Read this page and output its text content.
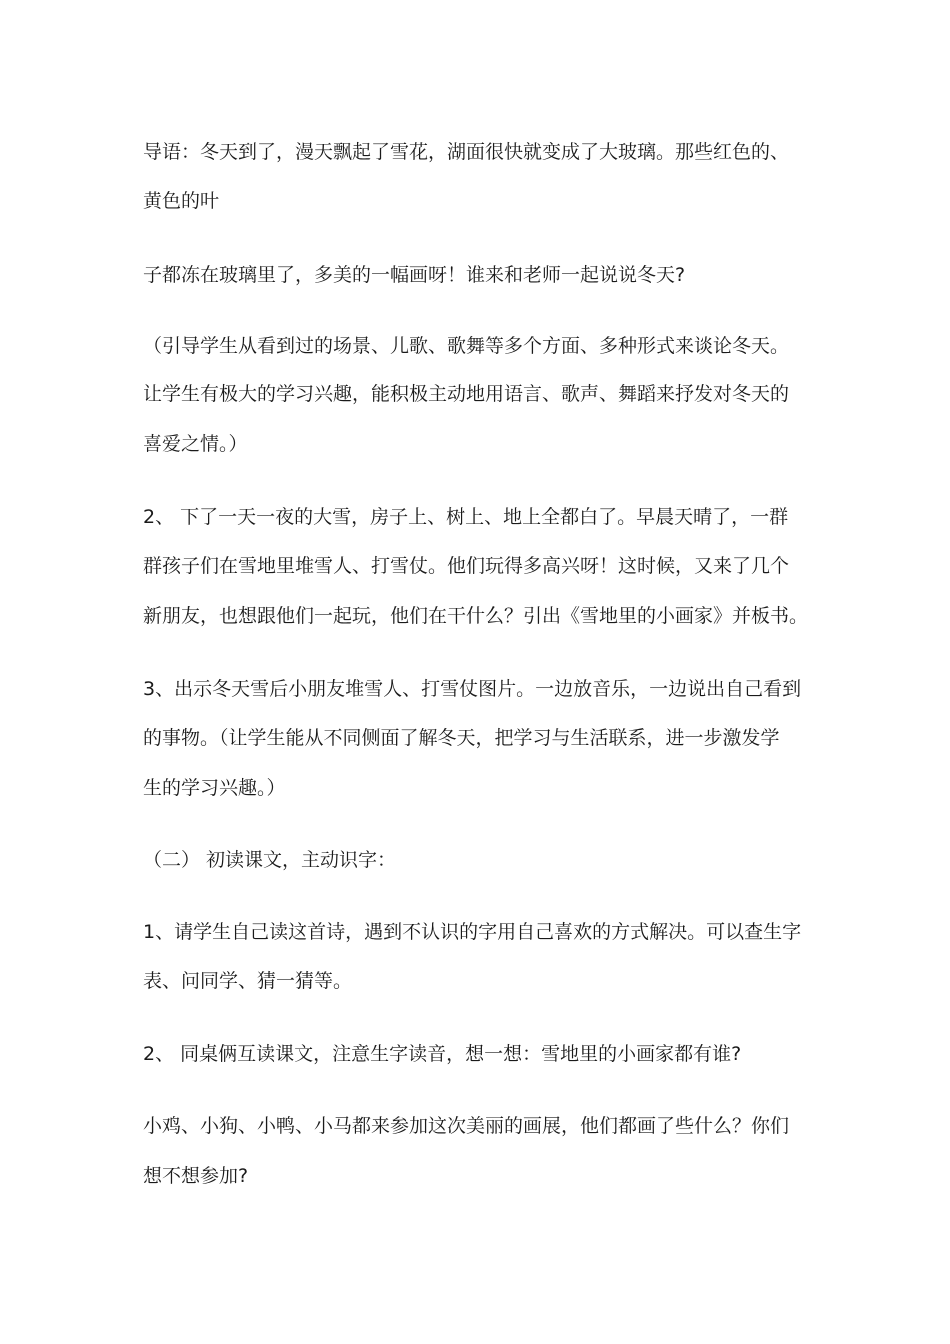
导语：冬天到了，漫天飘起了雪花，湖面很快就变成了大玻璃。那些红色的、
黄色的叶
子都冻在玻璃里了，多美的一幅画呀！谁来和老师一起说说冬天?
（引导学生从看到过的场景、儿歌、歌舞等多个方面、多种形式来谈论冬天。
让学生有极大的学习兴趣，能积极主动地用语言、歌声、舞蹈来抒发对冬天的
喜爱之情。）
2、 下了一天一夜的大雪，房子上、树上、地上全都白了。早晨天晴了，一群
群孩子们在雪地里堆雪人、打雪仗。他们玩得多高兴呀！这时候，又来了几个
新朋友，也想跟他们一起玩，他们在干什么？引出《雪地里的小画家》并板书。
3、出示冬天雪后小朋友堆雪人、打雪仗图片。一边放音乐，一边说出自己看到
的事物。（让学生能从不同侧面了解冬天，把学习与生活联系，进一步激发学
生的学习兴趣。）
（二） 初读课文，主动识字：
1、请学生自己读这首诗，遇到不认识的字用自己喜欢的方式解决。可以查生字
表、问同学、猜一猜等。
2、 同桌俩互读课文，注意生字读音，想一想：雪地里的小画家都有谁?
小鸡、小狗、小鸭、小马都来参加这次美丽的画展，他们都画了些什么？你们
想不想参加?
